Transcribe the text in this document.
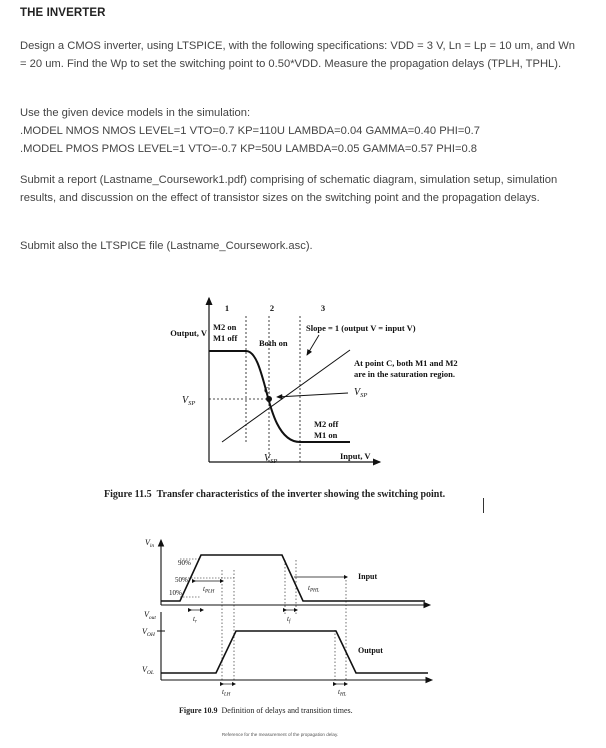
THE INVERTER
Design a CMOS inverter, using LTSPICE, with the following specifications: VDD = 3 V, Ln = Lp = 10 um, and Wn = 20 um. Find the Wp to set the switching point to 0.50*VDD. Measure the propagation delays (TPLH, TPHL).
Use the given device models in the simulation:
.MODEL NMOS NMOS LEVEL=1 VTO=0.7 KP=110U LAMBDA=0.04 GAMMA=0.40 PHI=0.7
.MODEL PMOS PMOS LEVEL=1 VTO=-0.7 KP=50U LAMBDA=0.05 GAMMA=0.57 PHI=0.8
Submit a report (Lastname_Coursework1.pdf) comprising of schematic diagram, simulation setup, simulation results, and discussion on the effect of transistor sizes on the switching point and the propagation delays.
Submit also the LTSPICE file (Lastname_Coursework.asc).
1	2	3
Output, V
M2 on
M1 off	Both on
Slope = 1 (output V = input V)
At point C, both M1 and M2
are in the saturation region.
$V_{SP}$
C
$V_{SP}$
$V_{SP}$
M2 off
M1 on
Input, V
Figure 11.5 Transfer characteristics of the inverter showing the switching point.
$V_{in}$
90%
50%
10%	$t_{PLH}$	$t_{PHL}$
$t_r$	$t_f$
Input
$V_{out}$
$V_{OH}$
$V_{OL}$
Output
$t_{LH}$	$t_{HL}$
Figure 10.9 Definition of delays and transition times.
Reference for the measurement of the propagation delay.
